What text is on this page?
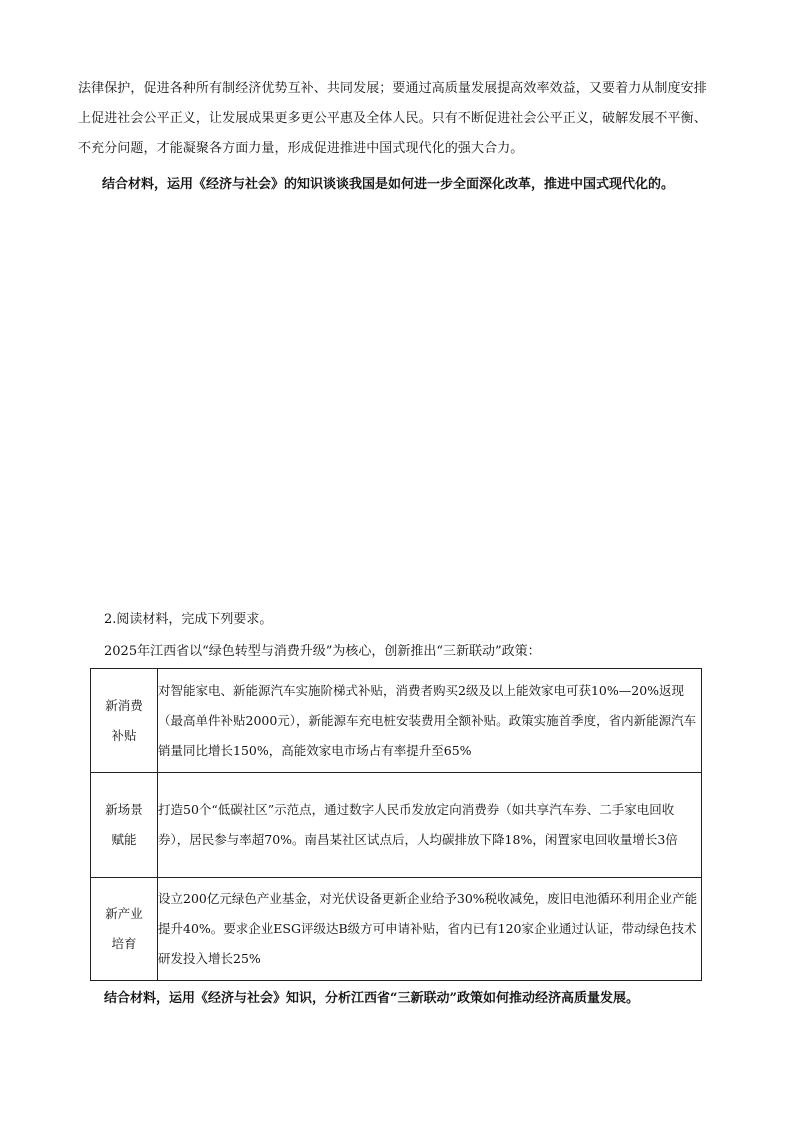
法律保护，促进各种所有制经济优势互补、共同发展；要通过高质量发展提高效率效益，又要着力从制度安排上促进社会公平正义，让发展成果更多更公平惠及全体人民。只有不断促进社会公平正义，破解发展不平衡、不充分问题，才能凝聚各方面力量，形成促进推进中国式现代化的强大合力。
结合材料，运用《经济与社会》的知识谈谈我国是如何进一步全面深化改革，推进中国式现代化的。
2.阅读材料，完成下列要求。
2025年江西省以“绿色转型与消费升级”为核心，创新推出“三新联动”政策：
新消费
补贴	对智能家电、新能源汽车实施阶梯式补贴，消费者购买2级及以上能效家电可获10%—20%返现（最高单件补贴2000元），新能源车充电桩安装费用全额补贴。政策实施首季度，省内新能源汽车销量同比增长150%，高能效家电市场占有率提升至65%

新场景
赋能	打造50个“低碳社区”示范点，通过数字人民币发放定向消费券（如共享汽车券、二手家电回收券），居民参与率超70%。南昌某社区试点后，人均碳排放下降18%，闲置家电回收量增长3倍

新产业
培育	设立200亿元绿色产业基金，对光伏设备更新企业给予30%税收减免，废旧电池循环利用企业产能提升40%。要求企业ESG评级达B级方可申请补贴，省内已有120家企业通过认证，带动绿色技术研发投入增长25%
结合材料，运用《经济与社会》知识，分析江西省“三新联动”政策如何推动经济高质量发展。
